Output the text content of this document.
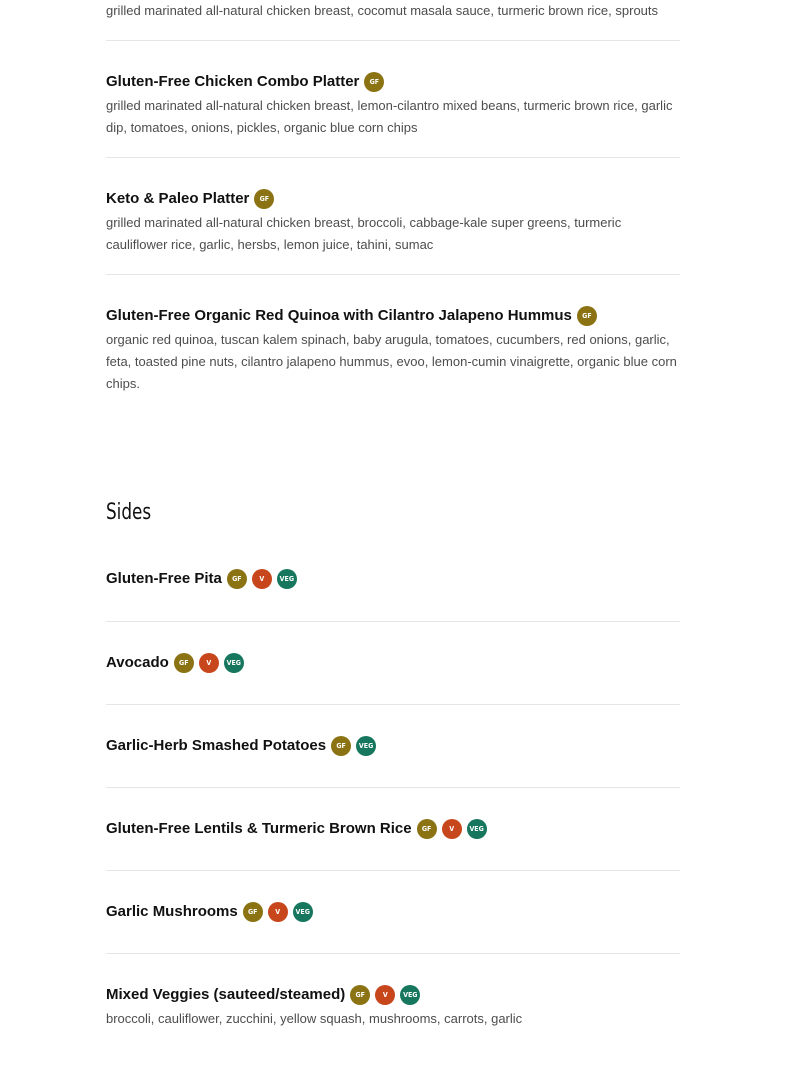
grilled marinated all-natural chicken breast, cocomut masala sauce, turmeric brown rice, sprouts

Gluten-Free Chicken Combo Platter	GF

grilled marinated all-natural chicken breast, lemon-cilantro mixed beans, turmeric brown rice, garlic dip, tomatoes, onions, pickles, organic blue corn chips

Keto & Paleo Platter	GF

grilled marinated all-natural chicken breast, broccoli, cabbage-kale super greens, turmeric cauliflower rice, garlic, hersbs, lemon juice, tahini, sumac

Gluten-Free Organic Red Quinoa with Cilantro Jalapeno Hummus	GF

organic red quinoa, tuscan kalem spinach, baby arugula, tomatoes, cucumbers, red onions, garlic, feta, toasted pine nuts, cilantro jalapeno hummus, evoo, lemon-cumin vinaigrette, organic blue corn chips.

Sides
Gluten-Free Pita	GF	V	VEG
Avocado	GF	V	VEG
Garlic-Herb Smashed Potatoes	GF	VEG
Gluten-Free Lentils & Turmeric Brown Rice	GF	V	VEG
Garlic Mushrooms	GF	V	VEG
Mixed Veggies (sauteed/steamed)	GF	V	VEG

broccoli, cauliflower, zucchini, yellow squash, mushrooms, carrots, garlic
